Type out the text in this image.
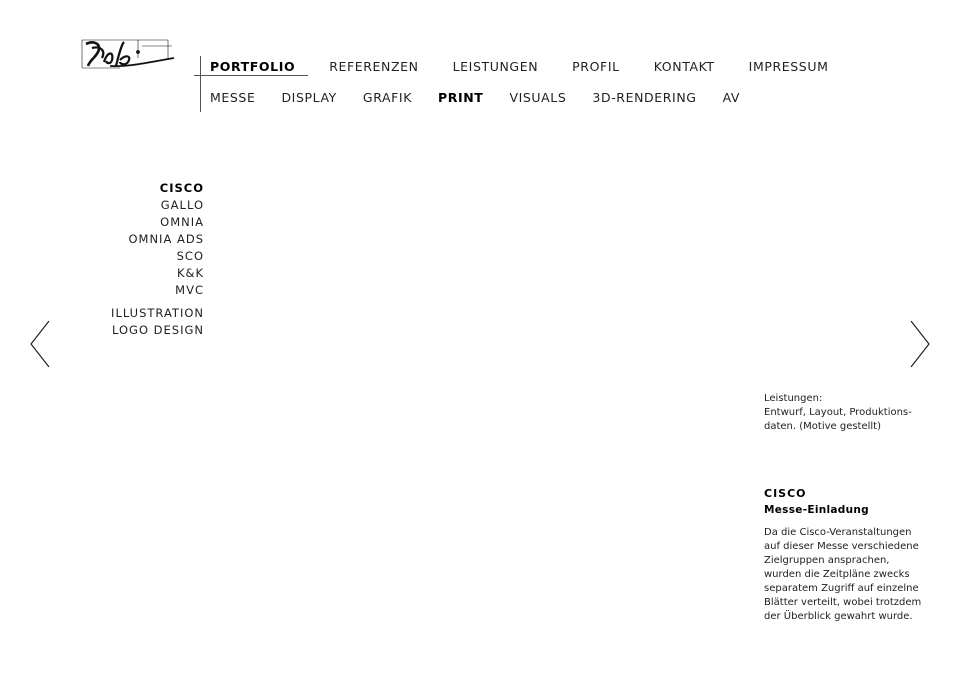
PORTFOLIO	REFERENZEN	LEISTUNGEN	PROFIL	KONTAKT	IMPRESSUM
MESSE DISPLAY GRAFIK PRINT VISUALS 3D-RENDERING AV
CISCO
GALLO
OMNIA
OMNIA ADS
SCO
K&K
MVC
ILLUSTRATION
LOGO DESIGN
Leistungen:
Entwurf, Layout, Produktions-
daten. (Motive gestellt)
CISCO
Messe-Einladung
Da die Cisco-Veranstaltungen
auf dieser Messe verschiedene
Zielgruppen ansprachen,
wurden die Zeitpläne zwecks
separatem Zugriff auf einzelne
Blätter verteilt, wobei trotzdem
der Überblick gewahrt wurde.
